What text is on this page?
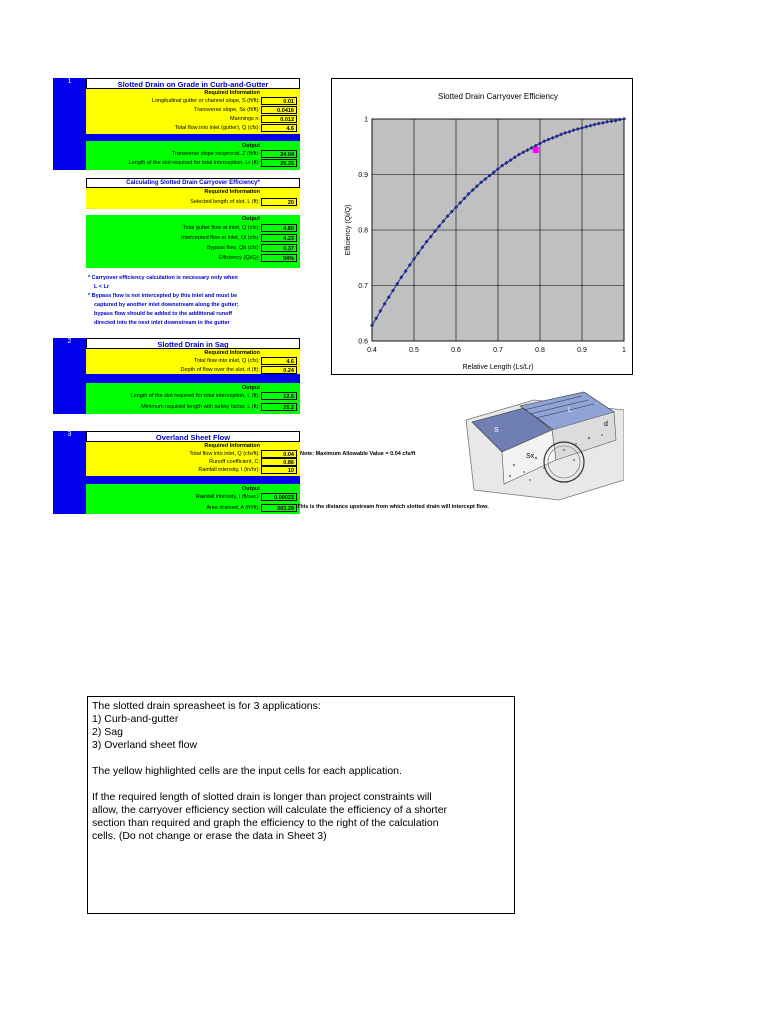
1	Slotted Drain on Grade in Curb-and-Gutter
Required Information
Longitudinal gutter or channel slope, S (ft/ft):	0.01
Transverse slope, Sx (ft/ft):	0.0416
Mannings n:	0.012
Total flow into inlet (gutter), Q (cfs):	4.6
Output
Transverse slope reciprocal, Z (ft/ft):	24.04
Length of the slot required for total interception, Lr (ft):	25.35
Calculating Slotted Drain Carryover Efficiency*
Required Information
Selected length of slot, L (ft):	20
Output
Total gutter flow at inlet, Q (cfs):	4.60
Intercepted flow at inlet, Qi (cfs):	4.23
Bypass flow, Qb (cfs):	0.37
Efficiency (Qi/Q):	94%
* Carryover efficiency calculation is necessary only when
L < Lr
* Bypass flow is not intercepted by this inlet and must be
captured by another inlet downstream along the gutter;
bypass flow should be added to the additional runoff
directed into the next inlet downstream in the gutter
2	Slotted Drain in Sag
Required Information
Total flow into inlet, Q (cfs):	4.6
Depth of flow over the slot, d (ft):	0.24
Output
Length of the slot required for total interception, L (ft):	12.6
Minimum required length with safety factor, L (ft):	25.2
3	Overland Sheet Flow
Required Information
Total flow into inlet, Q (cfs/ft):	0.04
Runoff coefficient, C:	0.86
Rainfall intensity, I (in/hr):	10
Note: Maximum Allowable Value = 0.04 cfs/ft
Output
Rainfall intensity, I (ft/sec):	0.00023
Area drained, A (ft²/ft):	203.29 This is the distance upstream from which slotted drain will intercept flow.
Slotted Drain Carryover Efficiency
0.4	0.5	0.6	0.7	0.8	0.9	1
0.6
0.7
0.8
0.9
1
Relative Length (Ls/Lr)
Efficiency (Qi/Q)
L
S
Sx
d

The slotted drain spreasheet is for 3 applications:

1) Curb-and-gutter

2) Sag

3) Overland sheet flow

The yellow highlighted cells are the input cells for each application.

If the required length of slotted drain is longer than project constraints will

allow, the carryover efficiency section will calculate the efficiency of a shorter

section than required and graph the efficiency to the right of the calculation

cells. (Do not change or erase the data in Sheet 3)
